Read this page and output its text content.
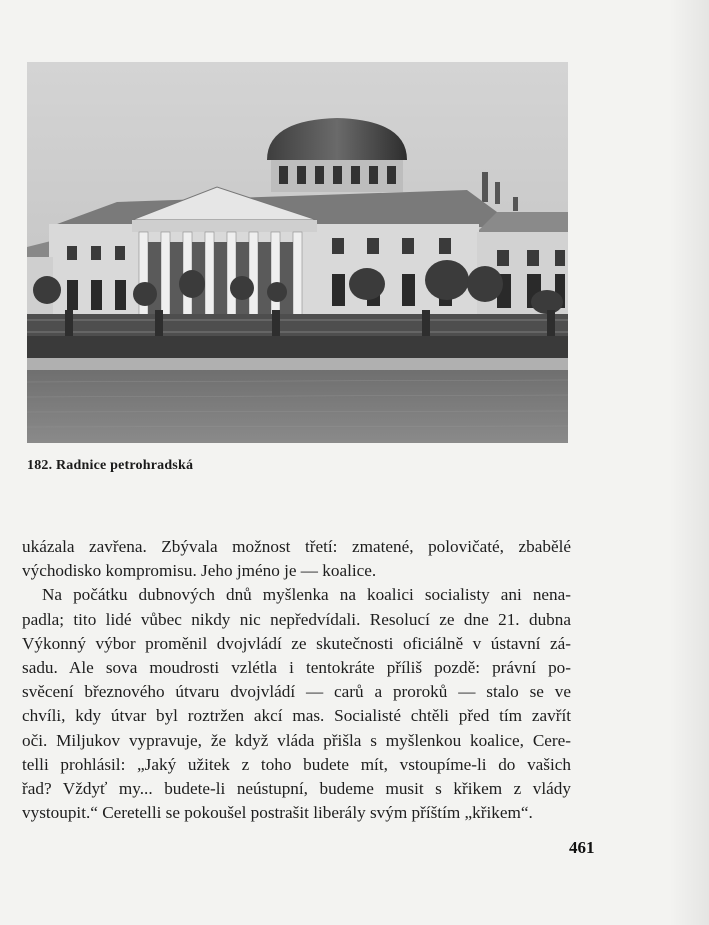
182. Radnice petrohradská

ukázala zavřena. Zbývala možnost třetí: zmatené, polovičaté, zbabělé

východisko kompromisu. Jeho jméno je — koalice.

Na počátku dubnových dnů myšlenka na koalici socialisty ani nena-

padla; tito lidé vůbec nikdy nic nepředvídali. Resolucí ze dne 21. dubna

Výkonný výbor proměnil dvojvládí ze skutečnosti oficiálně v ústavní zá-

sadu. Ale sova moudrosti vzlétla i tentokráte příliš pozdě: právní po-

svěcení březnového útvaru dvojvládí — carů a proroků — stalo se ve

chvíli, kdy útvar byl roztržen akcí mas. Socialisté chtěli před tím zavřít

oči. Miljukov vypravuje, že když vláda přišla s myšlenkou koalice, Cere-

telli prohlásil: „Jaký užitek z toho budete mít, vstoupíme-li do vašich

řad? Vždyť my... budete-li neústupní, budeme musit s křikem z vlády

vystoupit.“ Ceretelli se pokoušel postrašit liberály svým příštím „křikem“.

461
